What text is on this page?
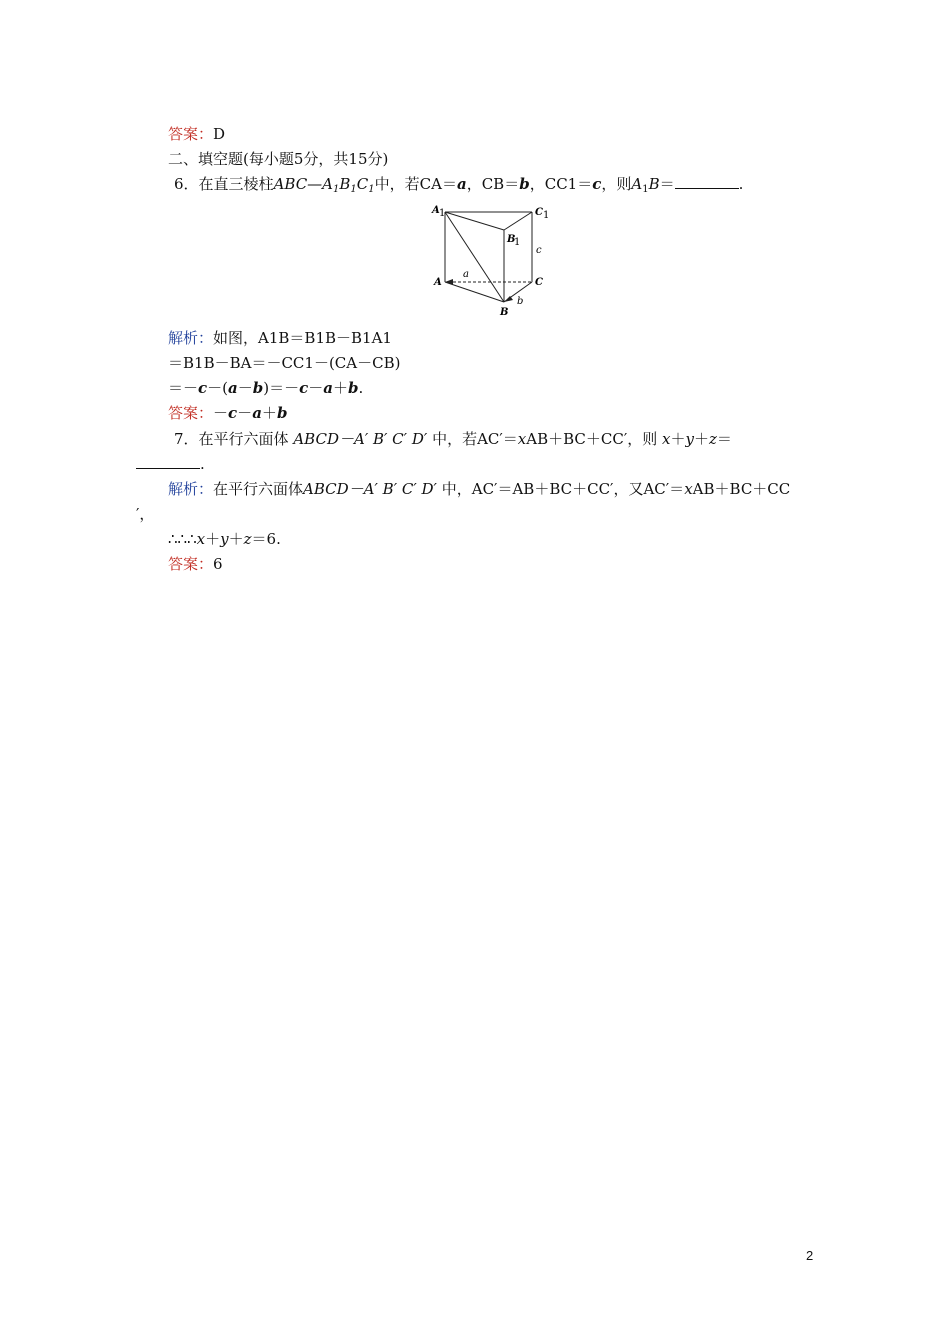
答案：D
二、填空题(每小题5分，共15分)
6．在直三棱柱$ABC—A_1B_1C_1$中，若CA＝a，CB＝b，CC1＝c，则$A_1B=$	.
A 1	C 1
B
1
c
A	C
a
b
B
解析：如图，A1B＝B1B－B1A1
＝B1B－BA＝－CC1－(CA－CB)
＝－c－(a－b)＝－c－a＋b.
答案：－c－a＋b
7．在平行六面体 ABCD－A′ B′ C′ D′ 中，若AC′＝xAB＋BC＋CC′，则 x＋y＋z＝
.
解析：在平行六面体ABCD－A′ B′ C′ D′ 中，AC′＝AB＋BC＋CC′，又AC′＝xAB＋BC＋CC
′，
∴∴∴x＋y＋z＝6.
答案：6
2
